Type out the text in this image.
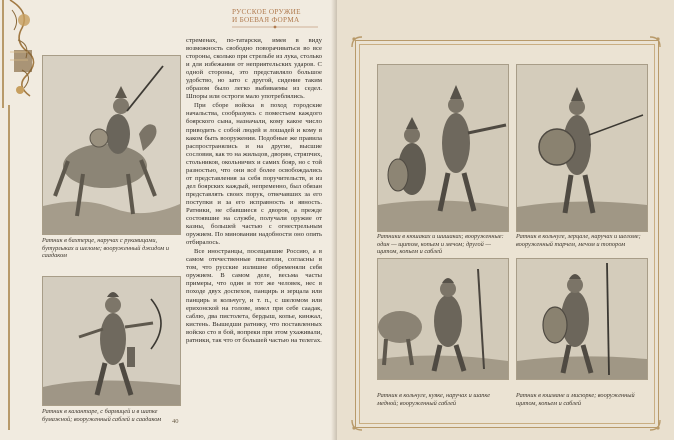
РУССКОЕ ОРУЖИЕ
И БОЕВАЯ ФОРМА
Ратник в бахтерце, наручах с рукавицами, бутурлыках и шеломе; вооруженный джидом и саадаком
Ратник в калантаре, с бармицей и в шапке бумажной; вооруженный саблей и саадаком

стременах, по-татарски, имея в виду возможность свободно поворачиваться во все стороны, сколько при стрельбе из лука, столько и для избежания от неприятельских ударов. С одной стороны, это представляло большое удобство, но зато с другой, сидение таким образом было легко выбиваемы из седел. Шпоры или остроги мало употреблялись.

При сборе войска в поход городские начальства, сообразуясь с поместьем каждого боярского сына, назначали, кому какое число приводить с собой людей и лошадей и кому в каком быть вооружении. Подобные же правила распространялись и на другие, высшие сословия, как то на жильцов, дворян, стряпчих, стольников, окольничих и самих бояр, но с той разностью, что они всё более освобождались от представления за себя поручительств, и из дел боярских каждый, непременно, был обязан представлять своих порук, отвечавших за его поступки и за его исправность и явность. Ратники, не сбавшиеся с дворов, а прежде состоявшие на службе, получали оружие от казны, большей частью с огнестрельным оружием. По миновании надобности оно опять отбиралось.

Все иностранцы, посещавшие Россию, а в самом отечественные писатели, согласны в том, что русские излишне обременяли себя оружием. В самом деле, весьма часты примеры, что один и тот же человек, нес в походе двух доспехов, панцирь и зерцала или панцирь и кольчугу, и т. п., с шеломом или ерихонской на голове, имел при себе саадак, саблю, два пистолета, бердыш, копье, кинжал, кистень. Вышедши ратнику, что поставленных войско сто в бой, вопреки при этом ухаживали, ратники, так что от большей частью на телегах.

40
Ратники в кюшаках и шишаках; вооруженные: один — щитом, копьем и мечом; другой — щитом, копьем и саблей
Ратник в кольчуге, зерцале, наручах и шеломе; вооруженный тарчем, мечом и топором
Ратник в кольчуге, куяке, наручах и шапке медной; вооруженный саблей
Ратник в юшмане и мисюрке; вооруженный щитом, копьем и саблей
